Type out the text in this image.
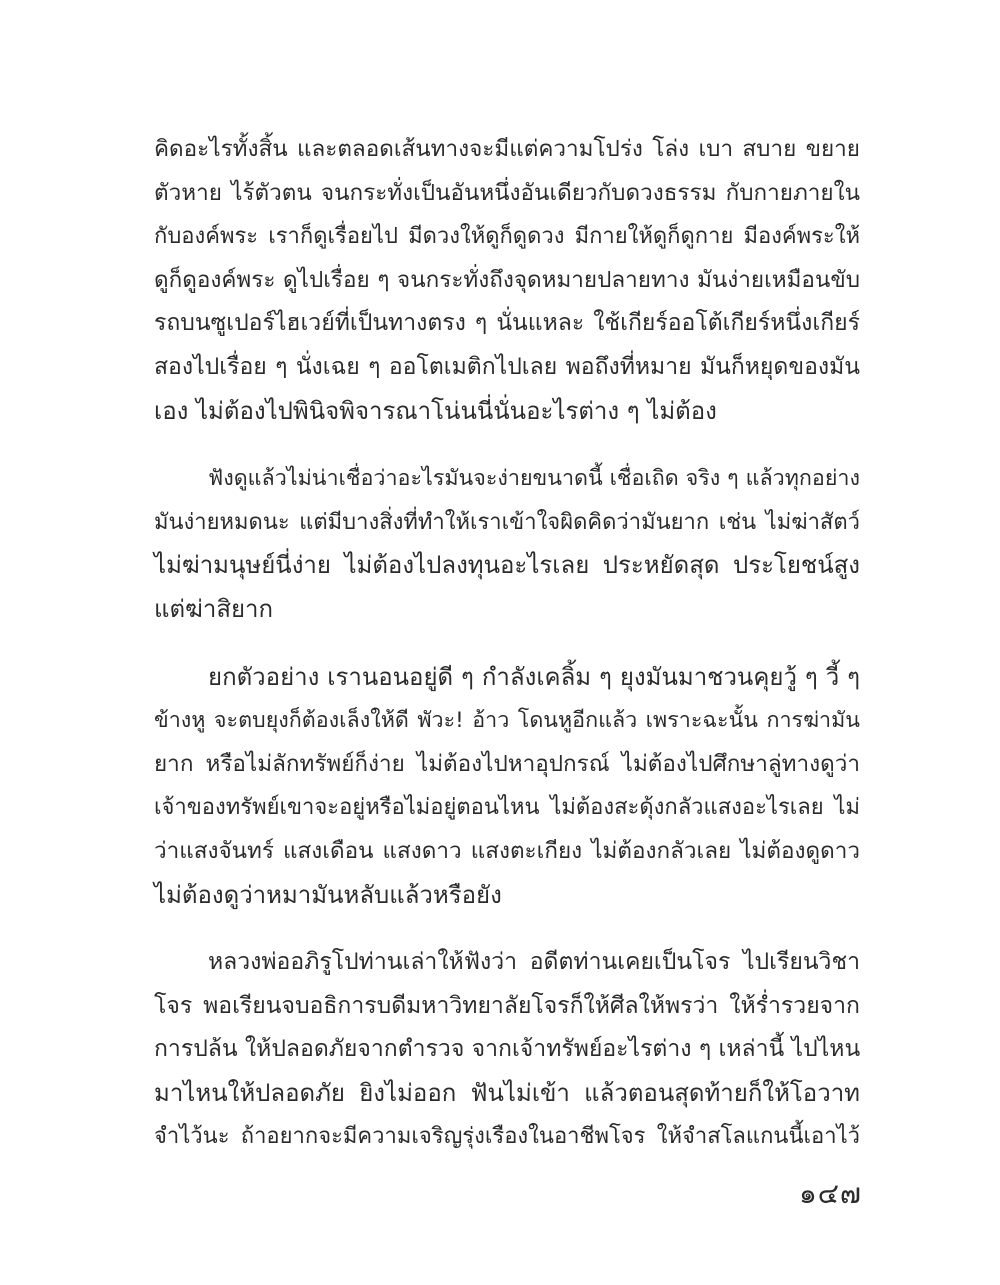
คิดอะไรทั้งสิ้น และตลอดเส้นทางจะมีแต่ความโปร่ง โล่ง เบา สบาย ขยาย
ตัวหาย ไร้ตัวตน จนกระทั่งเป็นอันหนึ่งอันเดียวกับดวงธรรม กับกายภายใน
กับองค์พระ เราก็ดูเรื่อยไป มีดวงให้ดูก็ดูดวง มีกายให้ดูก็ดูกาย มีองค์พระให้
ดูก็ดูองค์พระ ดูไปเรื่อย ๆ จนกระทั่งถึงจุดหมายปลายทาง มันง่ายเหมือนขับ
รถบนซูเปอร์ไฮเวย์ที่เป็นทางตรง ๆ นั่นแหละ ใช้เกียร์ออโต้เกียร์หนึ่งเกียร์
สองไปเรื่อย ๆ นั่งเฉย ๆ ออโตเมติกไปเลย พอถึงที่หมาย มันก็หยุดของมัน
เอง ไม่ต้องไปพินิจพิจารณาโน่นนี่นั่นอะไรต่าง ๆ ไม่ต้อง
ฟังดูแล้วไม่น่าเชื่อว่าอะไรมันจะง่ายขนาดนี้ เชื่อเถิด จริง ๆ แล้วทุกอย่าง
มันง่ายหมดนะ แต่มีบางสิ่งที่ทำให้เราเข้าใจผิดคิดว่ามันยาก เช่น ไม่ฆ่าสัตว์
ไม่ฆ่ามนุษย์นี่ง่าย ไม่ต้องไปลงทุนอะไรเลย ประหยัดสุด ประโยชน์สูง
แต่ฆ่าสิยาก
ยกตัวอย่าง เรานอนอยู่ดี ๆ กำลังเคลิ้ม ๆ ยุงมันมาชวนคุยวู้ ๆ วี้ ๆ
ข้างหู จะตบยุงก็ต้องเล็งให้ดี พัวะ! อ้าว โดนหูอีกแล้ว เพราะฉะนั้น การฆ่ามัน
ยาก หรือไม่ลักทรัพย์ก็ง่าย ไม่ต้องไปหาอุปกรณ์ ไม่ต้องไปศึกษาลู่ทางดูว่า
เจ้าของทรัพย์เขาจะอยู่หรือไม่อยู่ตอนไหน ไม่ต้องสะดุ้งกลัวแสงอะไรเลย ไม่
ว่าแสงจันทร์ แสงเดือน แสงดาว แสงตะเกียง ไม่ต้องกลัวเลย ไม่ต้องดูดาว
ไม่ต้องดูว่าหมามันหลับแล้วหรือยัง
หลวงพ่ออภิรูโปท่านเล่าให้ฟังว่า อดีตท่านเคยเป็นโจร ไปเรียนวิชา
โจร พอเรียนจบอธิการบดีมหาวิทยาลัยโจรก็ให้ศีลให้พรว่า ให้ร่ำรวยจาก
การปล้น ให้ปลอดภัยจากตำรวจ จากเจ้าทรัพย์อะไรต่าง ๆ เหล่านี้ ไปไหน
มาไหนให้ปลอดภัย ยิงไม่ออก ฟันไม่เข้า แล้วตอนสุดท้ายก็ให้โอวาท
จำไว้นะ ถ้าอยากจะมีความเจริญรุ่งเรืองในอาชีพโจร ให้จำสโลแกนนี้เอาไว้
๑๔๗
